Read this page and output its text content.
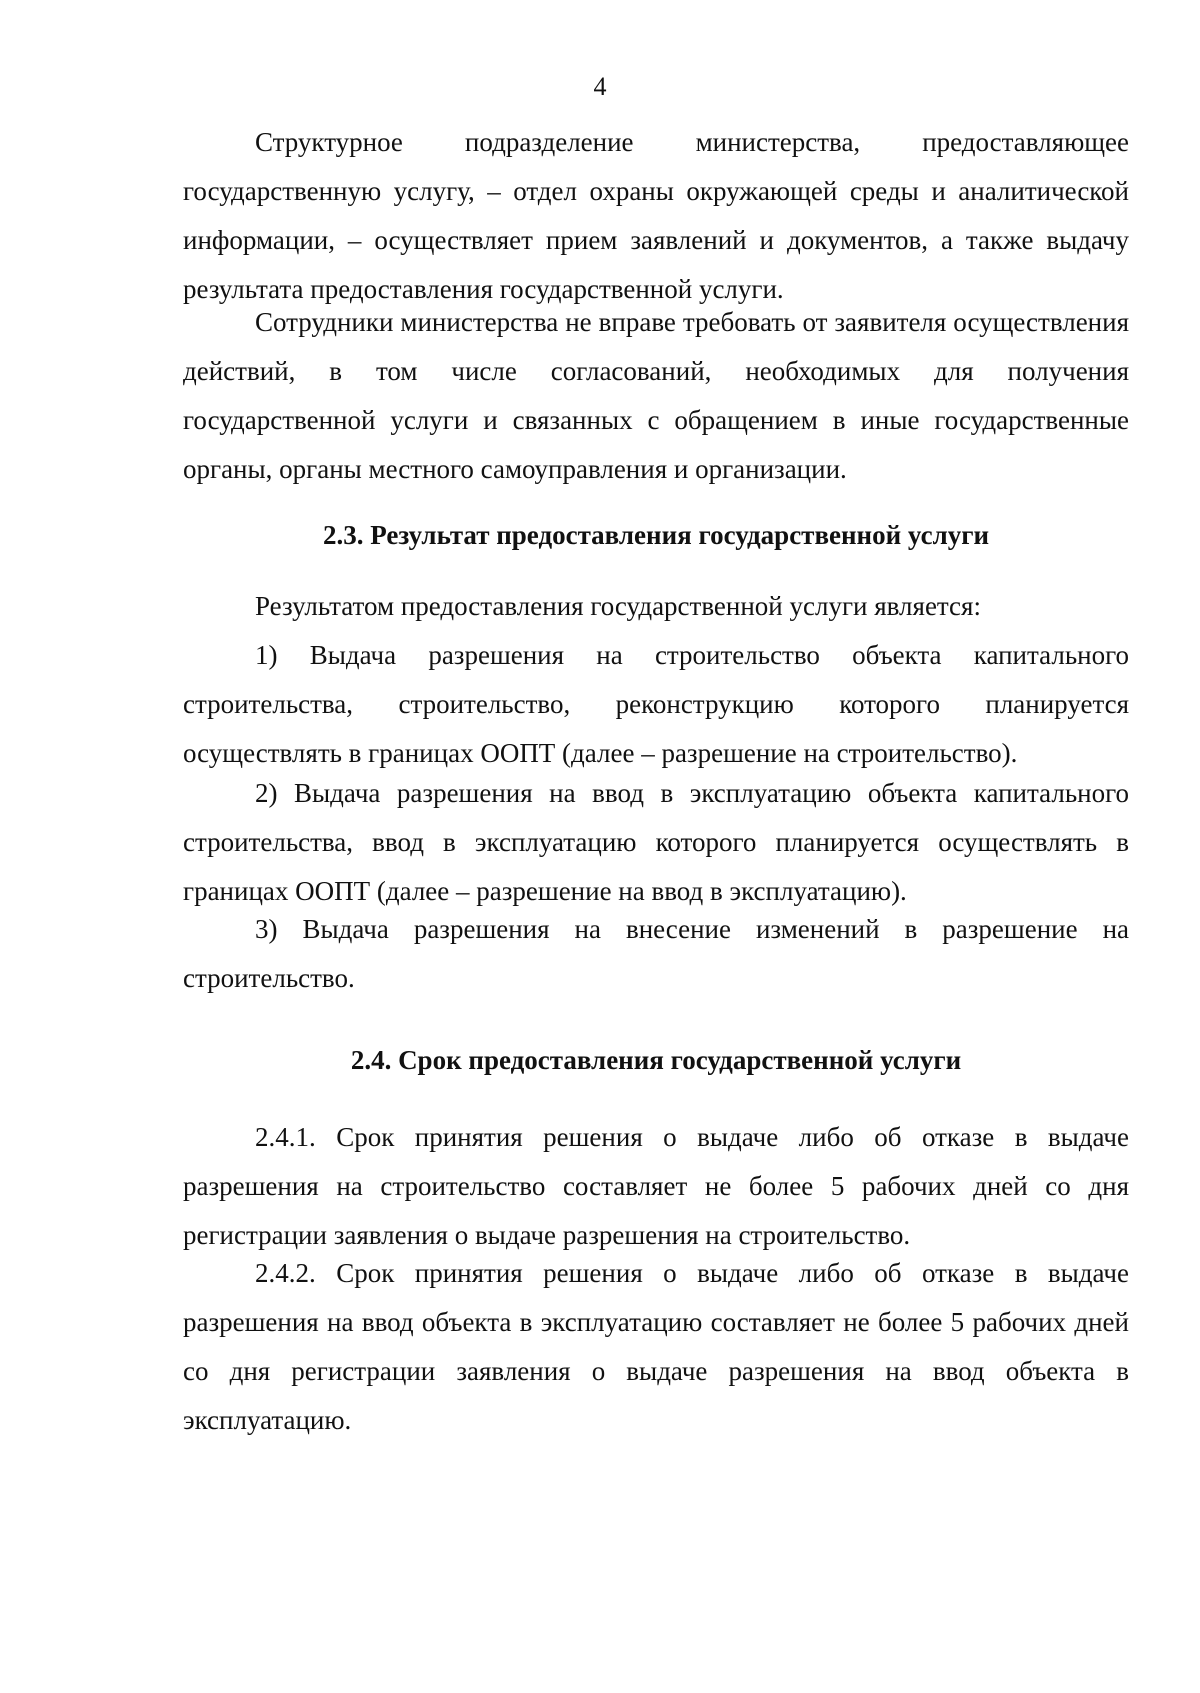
4

Структурное подразделение министерства, предоставляющее государственную услугу, – отдел охраны окружающей среды и аналитической информации, – осуществляет прием заявлений и документов, а также выдачу результата предоставления государственной услуги.

Сотрудники министерства не вправе требовать от заявителя осуществления действий, в том числе согласований, необходимых для получения государственной услуги и связанных с обращением в иные государственные органы, органы местного самоуправления и организации.

2.3. Результат предоставления государственной услуги

Результатом предоставления государственной услуги является:

1) Выдача разрешения на строительство объекта капитального строительства, строительство, реконструкцию которого планируется осуществлять в границах ООПТ (далее – разрешение на строительство).

2) Выдача разрешения на ввод в эксплуатацию объекта капитального строительства, ввод в эксплуатацию которого планируется осуществлять в границах ООПТ (далее – разрешение на ввод в эксплуатацию).

3) Выдача разрешения на внесение изменений в разрешение на строительство.

2.4. Срок предоставления государственной услуги

2.4.1. Срок принятия решения о выдаче либо об отказе в выдаче разрешения на строительство составляет не более 5 рабочих дней со дня регистрации заявления о выдаче разрешения на строительство.

2.4.2. Срок принятия решения о выдаче либо об отказе в выдаче разрешения на ввод объекта в эксплуатацию составляет не более 5 рабочих дней со дня регистрации заявления о выдаче разрешения на ввод объекта в эксплуатацию.
